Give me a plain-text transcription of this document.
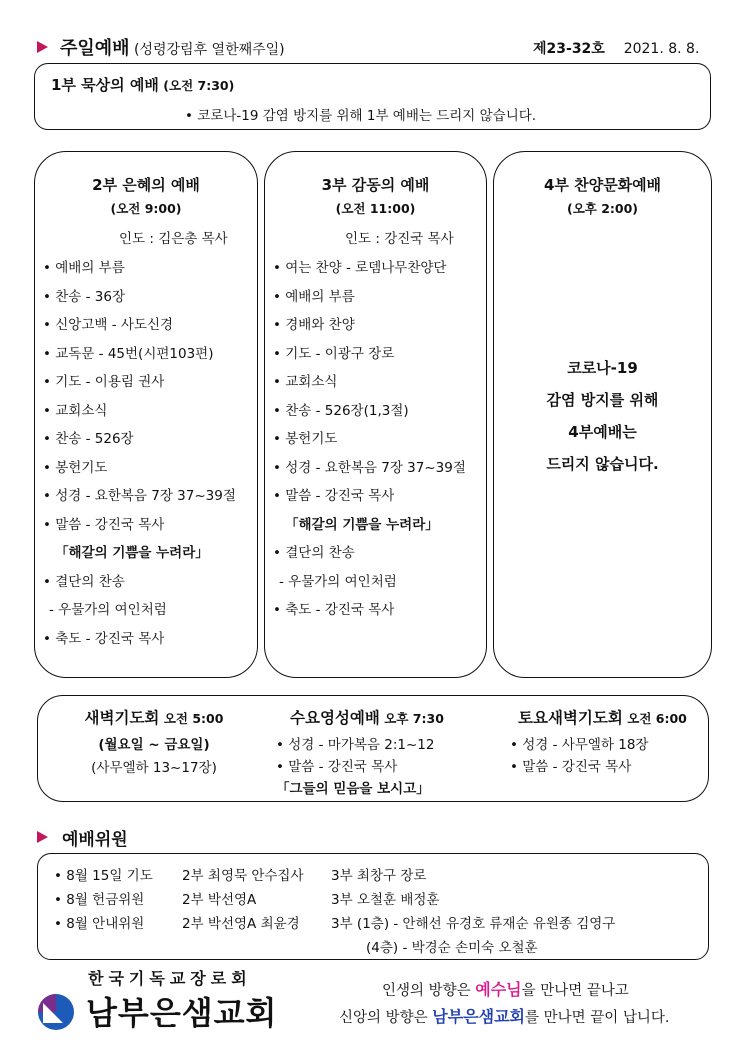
주일예배 (성령강림후 열한째주일)	제23-32호 2021. 8. 8.
1부 묵상의 예배 (오전 7:30)
• 코로나-19 감염 방지를 위해 1부 예배는 드리지 않습니다.
2부 은혜의 예배
(오전 9:00)
인도 : 김은총 목사
• 예배의 부름
• 찬송 - 36장
• 신앙고백 - 사도신경
• 교독문 - 45번(시편103편)
• 기도 - 이용림 권사
• 교회소식
• 찬송 - 526장
• 봉헌기도
• 성경 - 요한복음 7장 37~39절
• 말씀 - 강진국 목사
「해갈의 기쁨을 누려라」
• 결단의 찬송
- 우물가의 여인처럼
• 축도 - 강진국 목사
3부 감동의 예배
(오전 11:00)
인도 : 강진국 목사
• 여는 찬양 - 로뎀나무찬양단
• 예배의 부름
• 경배와 찬양
• 기도 - 이광구 장로
• 교회소식
• 찬송 - 526장(1,3절)
• 봉헌기도
• 성경 - 요한복음 7장 37~39절
• 말씀 - 강진국 목사
「해갈의 기쁨을 누려라」
• 결단의 찬송
- 우물가의 여인처럼
• 축도 - 강진국 목사
4부 찬양문화예배
(오후 2:00)
코로나-19
감염 방지를 위해
4부예배는
드리지 않습니다.
새벽기도회 오전 5:00
(월요일 ~ 금요일)
(사무엘하 13~17장)
수요영성예배 오후 7:30
• 성경 - 마가복음 2:1~12
• 말씀 - 강진국 목사
「그들의 믿음을 보시고」
토요새벽기도회 오전 6:00
• 성경 - 사무엘하 18장
• 말씀 - 강진국 목사
예배위원
• 8월 15일 기도 2부 최영묵 안수집사 3부 최창구 장로
• 8월 헌금위원	2부 박선영A	3부 오철훈 배정훈
• 8월 안내위원	2부 박선영A 최윤경 3부 (1층) - 안해선 유경호 류재순 유원종 김영구
(4층) - 박경순 손미숙 오철훈
한국기독교장로회
남부은샘교회
인생의 방향은 예수님을 만나면 끝나고
신앙의 방향은 남부은샘교회를 만나면 끝이 납니다.
